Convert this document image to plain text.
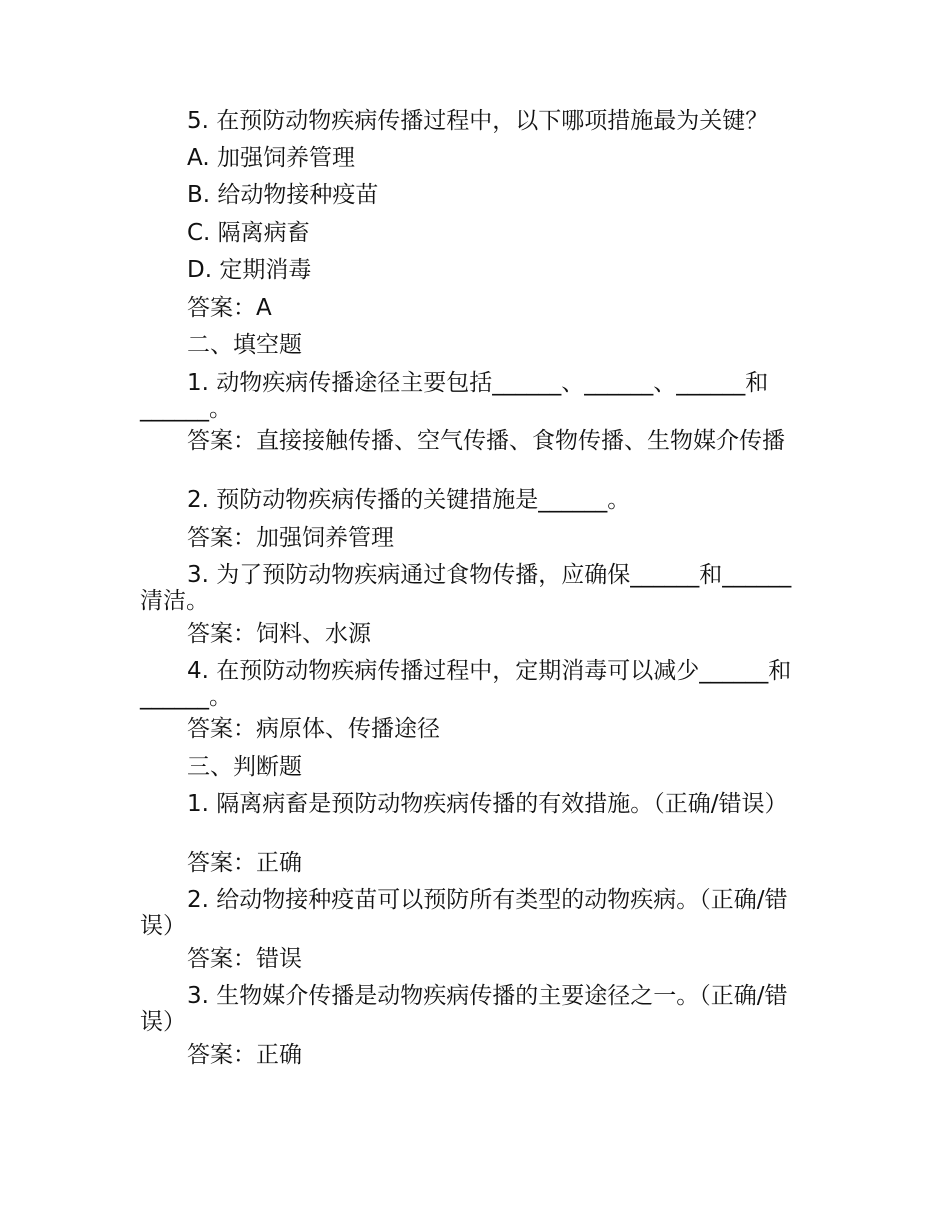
5. 在预防动物疾病传播过程中，以下哪项措施最为关键？

A. 加强饲养管理

B. 给动物接种疫苗

C. 隔离病畜

D. 定期消毒

答案：A

二、填空题

1. 动物疾病传播途径主要包括______、______、______和______。

答案：直接接触传播、空气传播、食物传播、生物媒介传播

2. 预防动物疾病传播的关键措施是______。

答案：加强饲养管理

3. 为了预防动物疾病通过食物传播，应确保______和______清洁。

答案：饲料、水源

4. 在预防动物疾病传播过程中，定期消毒可以减少______和______。

答案：病原体、传播途径

三、判断题

1. 隔离病畜是预防动物疾病传播的有效措施。（正确/错误）

答案：正确

2. 给动物接种疫苗可以预防所有类型的动物疾病。（正确/错误）

答案：错误

3. 生物媒介传播是动物疾病传播的主要途径之一。（正确/错误）

答案：正确
